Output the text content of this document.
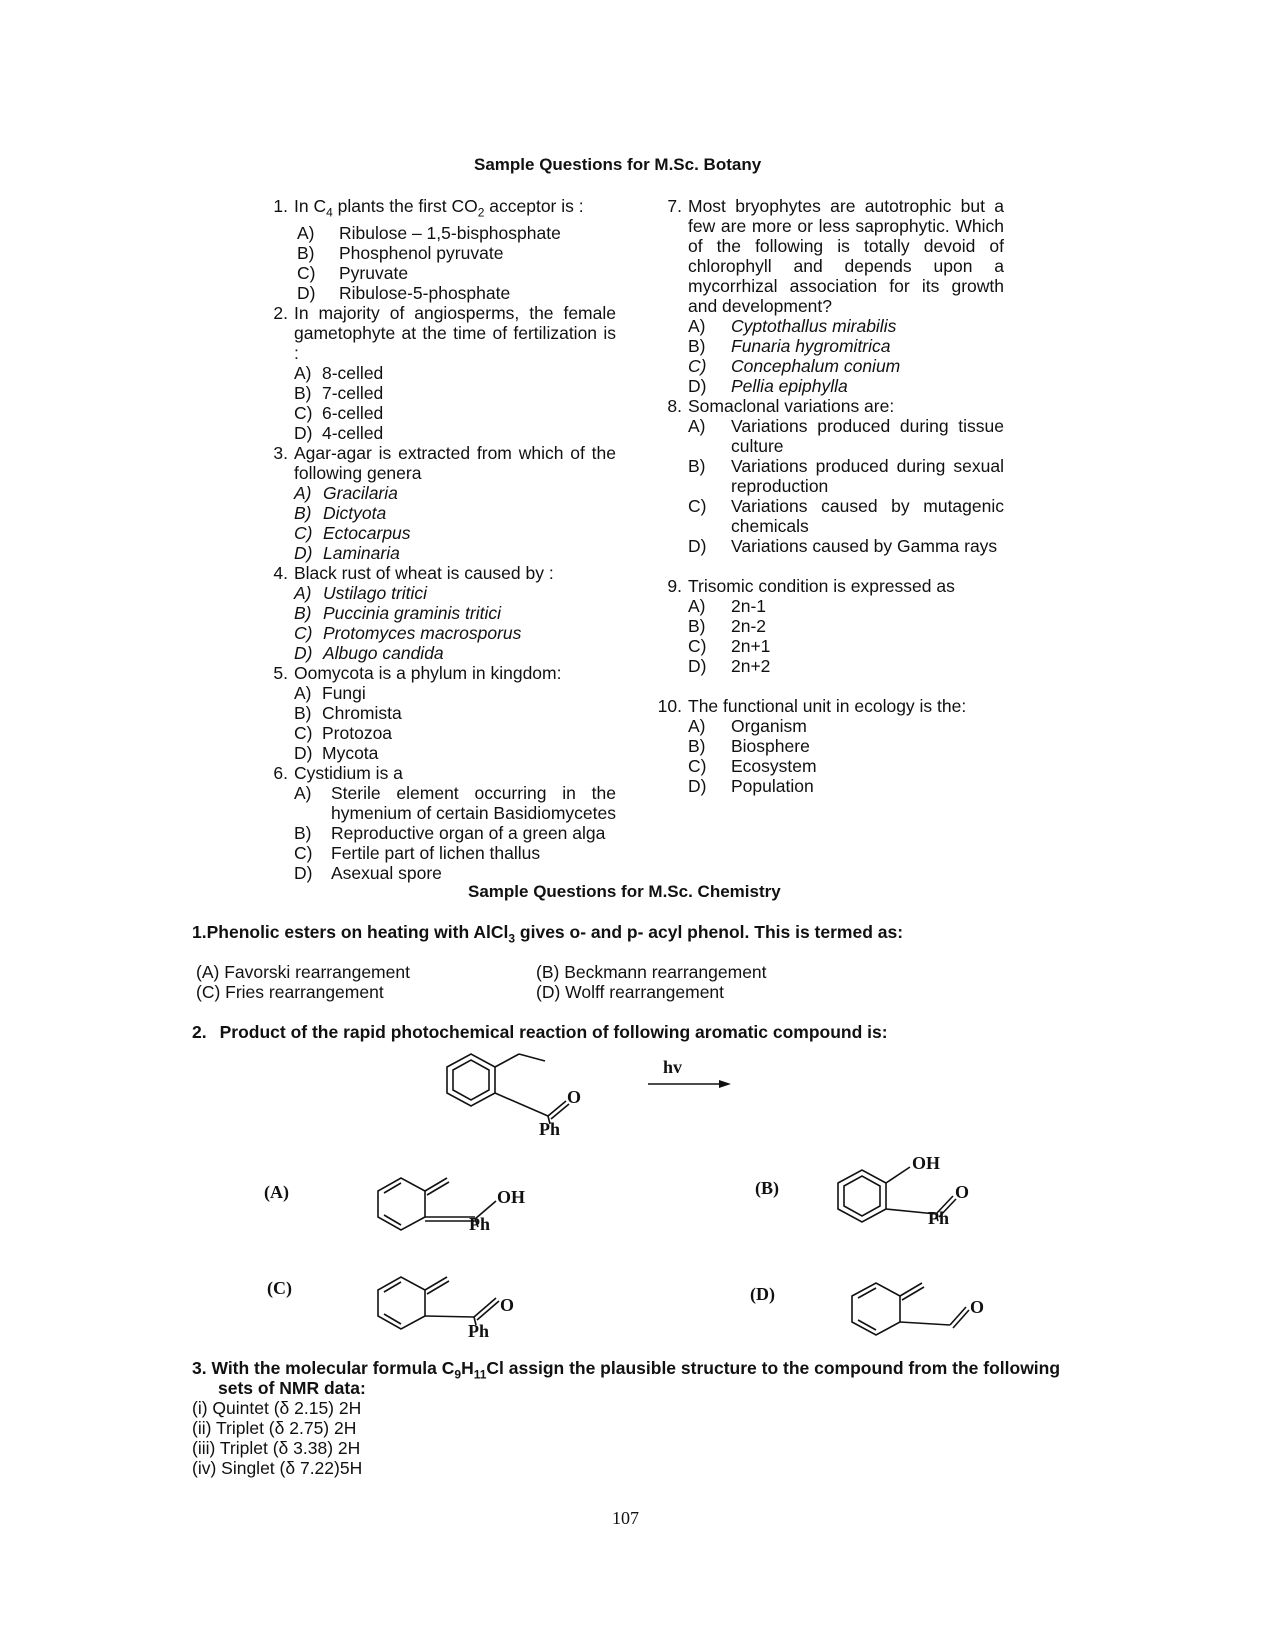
Sample Questions for M.Sc. Botany
1. In $C_4$ plants the first $CO_2$ acceptor is :
A) Ribulose – 1,5-bisphosphate
B) Phosphenol pyruvate
C) Pyruvate
D) Ribulose-5-phosphate
2. In majority of angiosperms, the female gametophyte at the time of fertilization is :
A) 8-celled
B) 7-celled
C) 6-celled
D) 4-celled
3. Agar-agar is extracted from which of the following genera
A) Gracilaria
B) Dictyota
C) Ectocarpus
D) Laminaria
4. Black rust of wheat is caused by :
A) Ustilago tritici
B) Puccinia graminis tritici
C) Protomyces macrosporus
D) Albugo candida
5. Oomycota is a phylum in kingdom:
A) Fungi
B) Chromista
C) Protozoa
D) Mycota
6. Cystidium is a
A) Sterile element occurring in the hymenium of certain Basidiomycetes
B) Reproductive organ of a green alga
C) Fertile part of lichen thallus
D) Asexual spore
7. Most bryophytes are autotrophic but a few are more or less saprophytic. Which of the following is totally devoid of chlorophyll and depends upon a mycorrhizal association for its growth and development?
A) Cyptothallus mirabilis
B) Funaria hygromitrica
C) Concephalum conium
D) Pellia epiphylla
8. Somaclonal variations are:
A) Variations produced during tissue culture
B) Variations produced during sexual reproduction
C) Variations caused by mutagenic chemicals
D) Variations caused by Gamma rays
9. Trisomic condition is expressed as
A) 2n-1
B) 2n-2
C) 2n+1
D) 2n+2
10. The functional unit in ecology is the:
A) Organism
B) Biosphere
C) Ecosystem
D) Population
Sample Questions for M.Sc. Chemistry
1.Phenolic esters on heating with AlCl$_3$ gives o- and p- acyl phenol. This is termed as:
(A) Favorski rearrangement	(B) Beckmann rearrangement
(C) Fries rearrangement	(D) Wolff rearrangement
2. Product of the rapid photochemical reaction of following aromatic compound is:
O
Ph
hv
(A)	OH
Ph
(B)
OH
O
Ph
(C)
O
Ph
(D)
O
3. With the molecular formula $C_9H_{11}Cl$ assign the plausible structure to the compound from the following
sets of NMR data:
(i) Quintet (δ 2.15) 2H
(ii) Triplet (δ 2.75) 2H
(iii) Triplet (δ 3.38) 2H
(iv) Singlet (δ 7.22)5H
107
